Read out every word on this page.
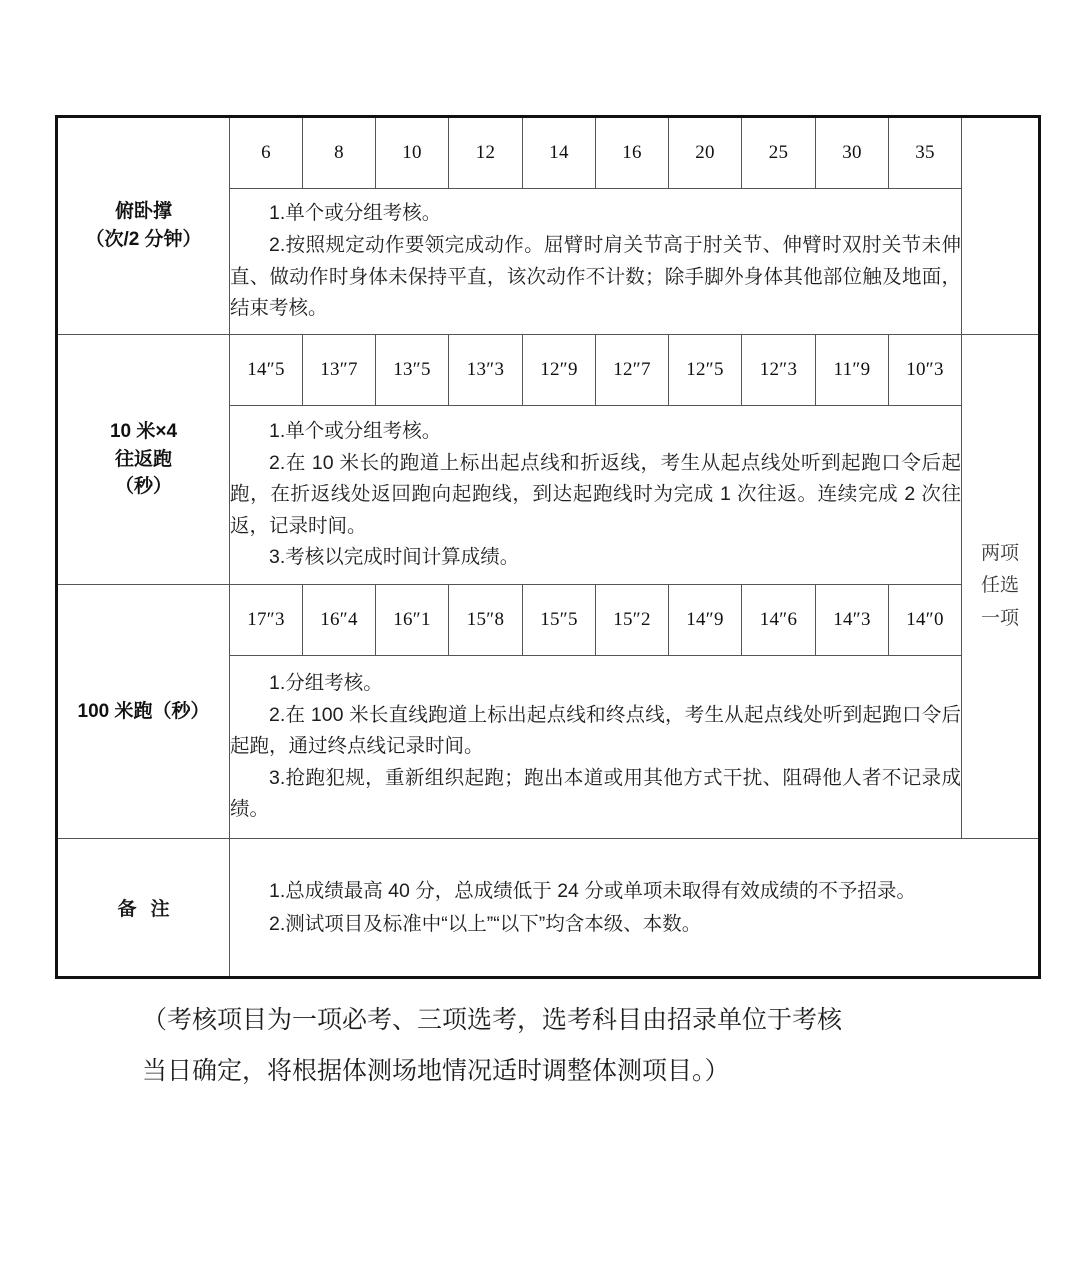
俯卧撑
（次/2 分钟）	6	8	10	12	14	16	20	25	30	35	

	1.单个或分组考核。

2.按照规定动作要领完成动作。屈臂时肩关节高于肘关节、伸臂时双肘关节未伸直、做动作时身体未保持平直，该次动作不计数；除手脚外身体其他部位触及地面，结束考核。										

10 米×4
往返跑
（秒）	14″5	13″7	13″5	13″3	12″9	12″7	12″5	12″3	11″9	10″3	两项
任选
一项

	1.单个或分组考核。

2.在 10 米长的跑道上标出起点线和折返线，考生从起点线处听到起跑口令后起跑，在折返线处返回跑向起跑线，到达起跑线时为完成 1 次往返。连续完成 2 次往返，记录时间。

3.考核以完成时间计算成绩。										

100 米跑（秒）	17″3	16″4	16″1	15″8	15″5	15″2	14″9	14″6	14″3	14″0	

	1.分组考核。

2.在 100 米长直线跑道上标出起点线和终点线，考生从起点线处听到起跑口令后起跑，通过终点线记录时间。

3.抢跑犯规，重新组织起跑；跑出本道或用其他方式干扰、阻碍他人者不记录成绩。										

备注	1.总成绩最高 40 分，总成绩低于 24 分或单项未取得有效成绩的不予招录。

2.测试项目及标准中“以上”“以下”均含本级、本数。										

（考核项目为一项必考、三项选考，选考科目由招录单位于考核
当日确定，将根据体测场地情况适时调整体测项目。）
